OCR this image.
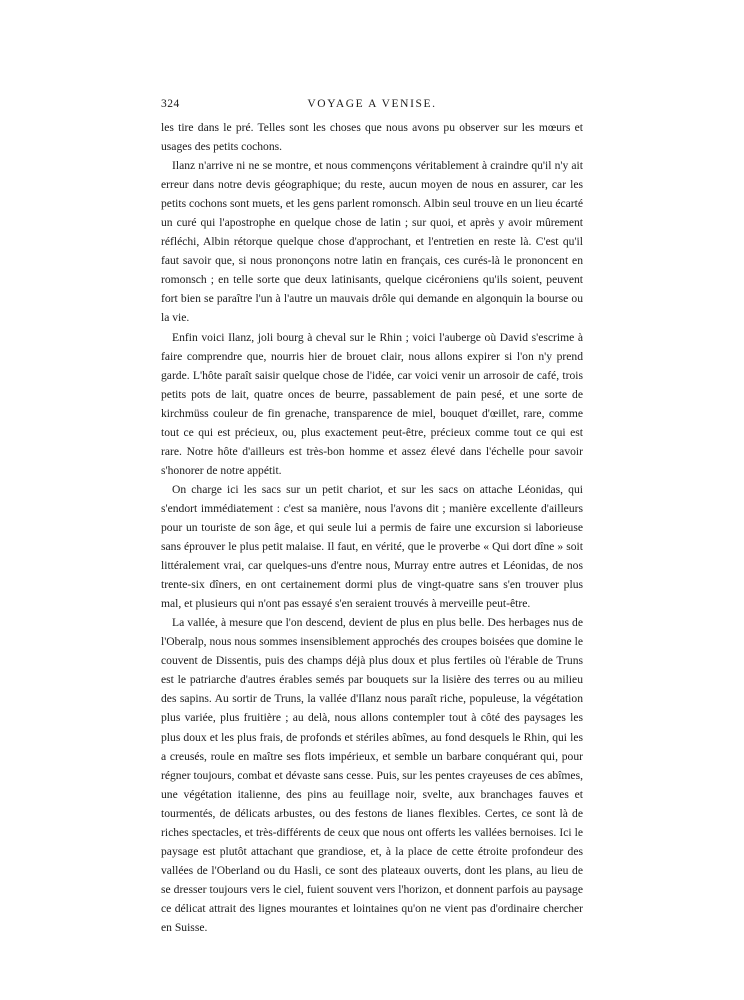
324	VOYAGE A VENISE.

les tire dans le pré. Telles sont les choses que nous avons pu observer sur les mœurs et usages des petits cochons.

Ilanz n'arrive ni ne se montre, et nous commençons véritablement à craindre qu'il n'y ait erreur dans notre devis géographique; du reste, aucun moyen de nous en assurer, car les petits cochons sont muets, et les gens parlent romonsch. Albin seul trouve en un lieu écarté un curé qui l'apostrophe en quelque chose de latin ; sur quoi, et après y avoir mûrement réfléchi, Albin rétorque quelque chose d'approchant, et l'entretien en reste là. C'est qu'il faut savoir que, si nous prononçons notre latin en français, ces curés-là le prononcent en romonsch ; en telle sorte que deux latinisants, quelque cicéroniens qu'ils soient, peuvent fort bien se paraître l'un à l'autre un mauvais drôle qui demande en algonquin la bourse ou la vie.

Enfin voici Ilanz, joli bourg à cheval sur le Rhin ; voici l'auberge où David s'escrime à faire comprendre que, nourris hier de brouet clair, nous allons expirer si l'on n'y prend garde. L'hôte paraît saisir quelque chose de l'idée, car voici venir un arrosoir de café, trois petits pots de lait, quatre onces de beurre, passablement de pain pesé, et une sorte de kirchmüss couleur de fin grenache, transparence de miel, bouquet d'œillet, rare, comme tout ce qui est précieux, ou, plus exactement peut-être, précieux comme tout ce qui est rare. Notre hôte d'ailleurs est très-bon homme et assez élevé dans l'échelle pour savoir s'honorer de notre appétit.

On charge ici les sacs sur un petit chariot, et sur les sacs on attache Léonidas, qui s'endort immédiatement : c'est sa manière, nous l'avons dit ; manière excellente d'ailleurs pour un touriste de son âge, et qui seule lui a permis de faire une excursion si laborieuse sans éprouver le plus petit malaise. Il faut, en vérité, que le proverbe « Qui dort dîne » soit littéralement vrai, car quelques-uns d'entre nous, Murray entre autres et Léonidas, de nos trente-six dîners, en ont certainement dormi plus de vingt-quatre sans s'en trouver plus mal, et plusieurs qui n'ont pas essayé s'en seraient trouvés à merveille peut-être.

La vallée, à mesure que l'on descend, devient de plus en plus belle. Des herbages nus de l'Oberalp, nous nous sommes insensiblement approchés des croupes boisées que domine le couvent de Dissentis, puis des champs déjà plus doux et plus fertiles où l'érable de Truns est le patriarche d'autres érables semés par bouquets sur la lisière des terres ou au milieu des sapins. Au sortir de Truns, la vallée d'Ilanz nous paraît riche, populeuse, la végétation plus variée, plus fruitière ; au delà, nous allons contempler tout à côté des paysages les plus doux et les plus frais, de profonds et stériles abîmes, au fond desquels le Rhin, qui les a creusés, roule en maître ses flots impérieux, et semble un barbare conquérant qui, pour régner toujours, combat et dévaste sans cesse. Puis, sur les pentes crayeuses de ces abîmes, une végétation italienne, des pins au feuillage noir, svelte, aux branchages fauves et tourmentés, de délicats arbustes, ou des festons de lianes flexibles. Certes, ce sont là de riches spectacles, et très-différents de ceux que nous ont offerts les vallées bernoises. Ici le paysage est plutôt attachant que grandiose, et, à la place de cette étroite profondeur des vallées de l'Oberland ou du Hasli, ce sont des plateaux ouverts, dont les plans, au lieu de se dresser toujours vers le ciel, fuient souvent vers l'horizon, et donnent parfois au paysage ce délicat attrait des lignes mourantes et lointaines qu'on ne vient pas d'ordinaire chercher en Suisse.
